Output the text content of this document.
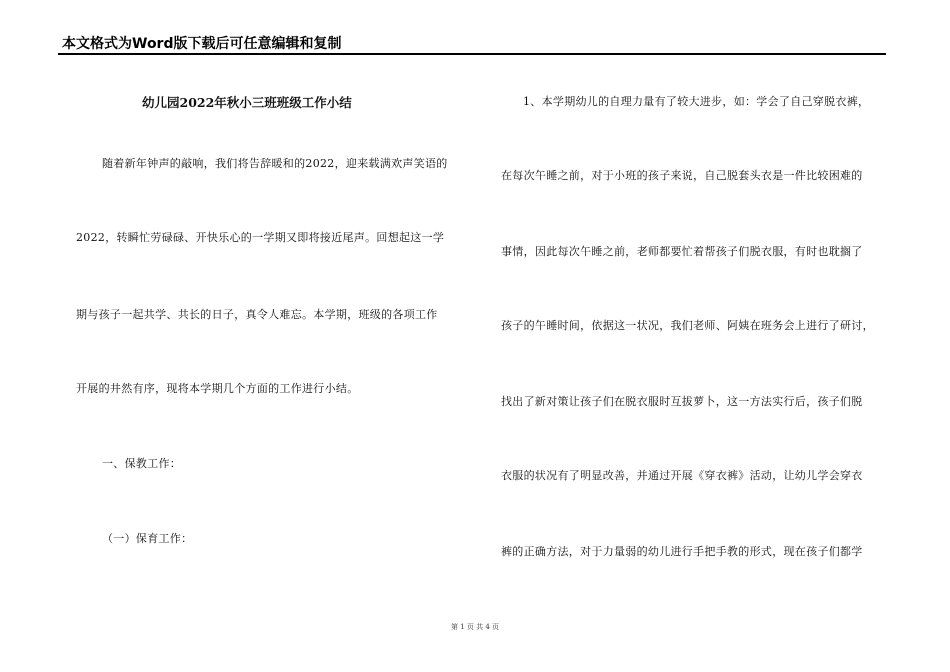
本文格式为Word版下载后可任意编辑和复制
幼儿园2022年秋小三班班级工作小结
随着新年钟声的敲响，我们将告辞暖和的2022，迎来载满欢声笑语的
2022，转瞬忙劳碌碌、开快乐心的一学期又即将接近尾声。回想起这一学
期与孩子一起共学、共长的日子，真令人难忘。本学期，班级的各项工作
开展的井然有序，现将本学期几个方面的工作进行小结。
一、保教工作：
（一）保育工作：
1、本学期幼儿的自理力量有了较大进步，如：学会了自己穿脱衣裤，
在每次午睡之前，对于小班的孩子来说，自己脱套头衣是一件比较困难的
事情，因此每次午睡之前，老师都要忙着帮孩子们脱衣服，有时也耽搁了
孩子的午睡时间，依据这一状况，我们老师、阿姨在班务会上进行了研讨，
找出了新对策让孩子们在脱衣服时互拔萝卜，这一方法实行后，孩子们脱
衣服的状况有了明显改善，并通过开展《穿衣裤》活动，让幼儿学会穿衣
裤的正确方法，对于力量弱的幼儿进行手把手教的形式，现在孩子们都学
第 1 页 共 4 页
